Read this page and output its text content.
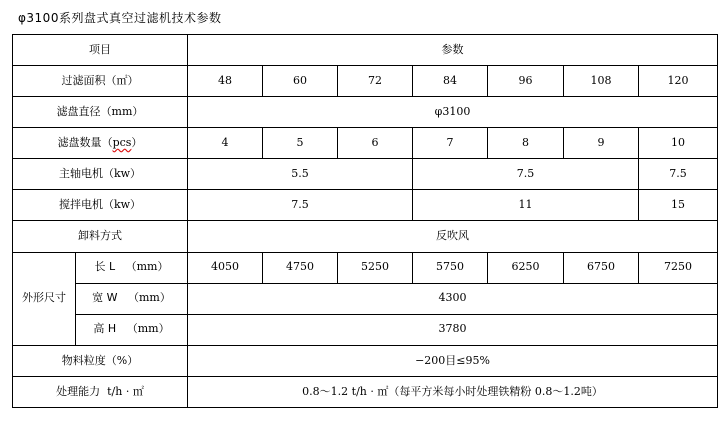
φ3100系列盘式真空过滤机技术参数
项目		参数						
过滤面积（㎡）		48	60	72	84	96	108	120
滤盘直径（mm）		φ3100						
滤盘数量（pcs）		4	5	6	7	8	9	10
主轴电机（kw）		5.5			7.5			7.5
搅拌电机（kw）		7.5			11			15
卸料方式		反吹风						
外形尺寸	长 L （mm）	4050	4750	5250	5750	6250	6750	7250
	宽 W （mm）	4300						
	高 H （mm）	3780						
物料粒度（%）		−200目≤95%						
处理能力 t/h · ㎡		0.8～1.2 t/h · ㎡（每平方米每小时处理铁精粉 0.8～1.2吨）						
